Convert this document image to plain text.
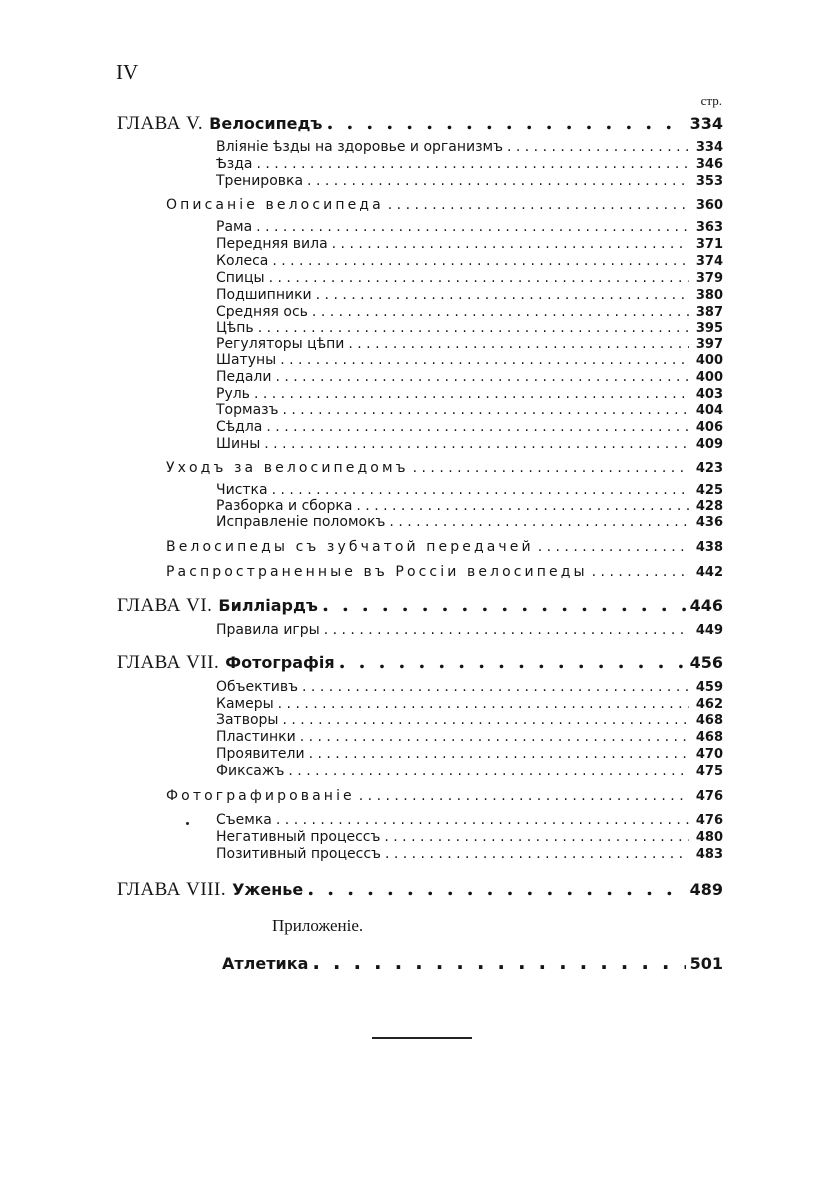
IV
стр.
ГЛАВА V. Велосипедъ . . .	334
Вліяніе ѣзды на здоровье и организмъ . . .	334
Ѣзда . . .	346
Тренировка . . .	353
Описаніе велосипеда . . .	360
Рама . . .	363
Передняя вила . . .	371
Колеса . . .	374
Спицы . . .	379
Подшипники . . .	380
Средняя ось . . .	387
Цѣпь . . .	395
Регуляторы цѣпи . . .	397
Шатуны . . .	400
Педали . . .	400
Руль . . .	403
Тормазъ . . .	404
Сѣдла . . .	406
Шины . . .	409
Уходъ за велосипедомъ . . .	423
Чистка . . .	425
Разборка и сборка . . .	428
Исправленіе поломокъ . . .	436
Велосипеды съ зубчатой передачей . . .	438
Распространенные въ Россіи велосипеды . . .	442
ГЛАВА VI. Билліардъ . . .	446
Правила игры . . .	449
ГЛАВА VII. Фотографія . . .	456
Объективъ . . .	459
Камеры . . .	462
Затворы . . .	468
Пластинки . . .	468
Проявители . . .	470
Фиксажъ . . .	475
Фотографированіе . . .	476
Съемка . . .	476
Негативный процессъ . . .	480
Позитивный процессъ . . .	483
ГЛАВА VIII. Уженье . . .	489
Приложеніе.
Атлетика . . .	501
